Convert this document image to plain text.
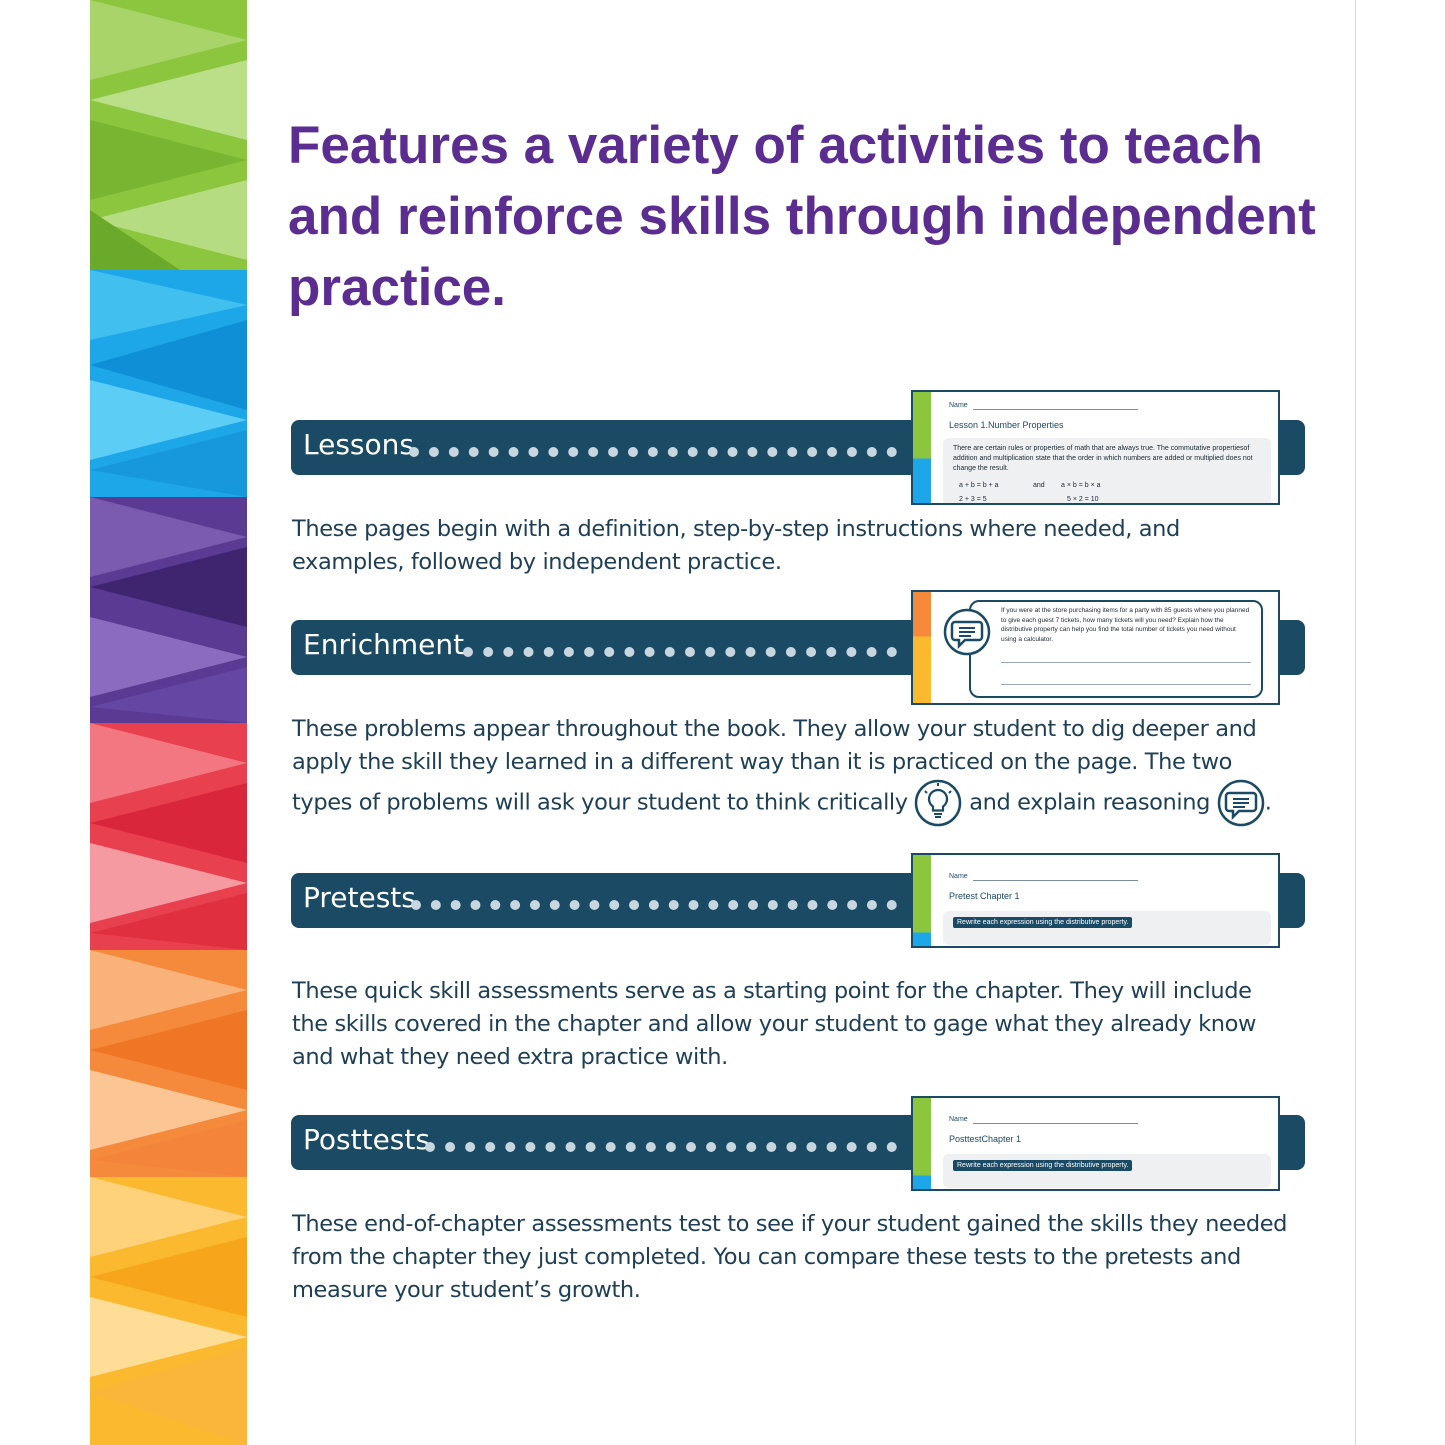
Features a variety of activities to teach and reinforce skills through independent practice.
Lessons
Name
Lesson 1.Number Properties
There are certain rules or properties of math that are always true. The commutative propertiesof addition and multiplication state that the order in which numbers are added or multiplied does not change the result.
a + b = b + a	and a × b = b × a
2 + 3 = 5	5 × 2 = 10

These pages begin with a definition, step-by-step instructions where needed, and examples, followed by independent practice.

Enrichment
If you were at the store purchasing items for a party with 85 guests where you planned to give each guest 7 tickets, how many tickets will you need? Explain how the distributive property can help you find the total number of tickets you need without using a calculator.

These problems appear throughout the book. They allow your student to dig deeper and apply the skill they learned in a different way than it is practiced on the page. The two types of problems will ask your student to think critically	and explain reasoning .

Pretests
Name
Pretest Chapter 1
Rewrite each expression using the distributive property.

These quick skill assessments serve as a starting point for the chapter. They will include the skills covered in the chapter and allow your student to gage what they already know and what they need extra practice with.

Posttests
Name
PosttestChapter 1
Rewrite each expression using the distributive property.

These end-of-chapter assessments test to see if your student gained the skills they needed from the chapter they just completed. You can compare these tests to the pretests and measure your student’s growth.
